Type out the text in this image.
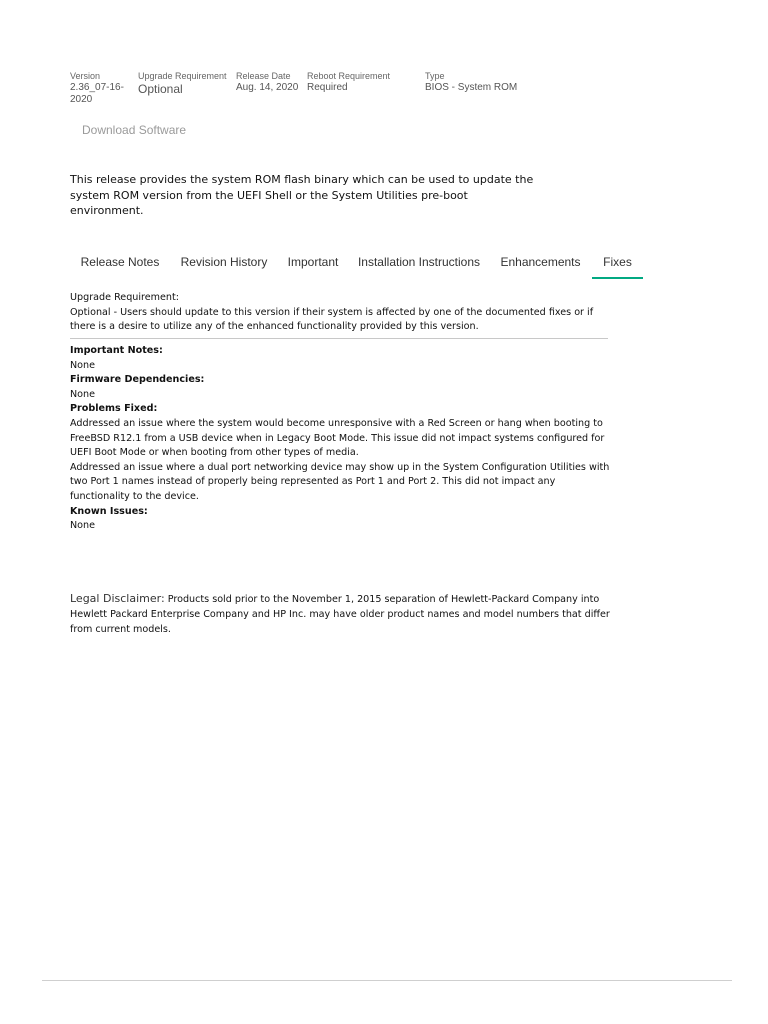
Version
2.36_07-16-
2020
Upgrade Requirement
Optional
Release Date
Aug. 14, 2020
Reboot Requirement
Required
Type
BIOS - System ROM
Download Software

This release provides the system ROM flash binary which can be used to update the system ROM version from the UEFI Shell or the System Utilities pre-boot environment.

Release Notes	Revision History	Important	Installation Instructions	Enhancements	Fixes

Upgrade Requirement:

Optional - Users should update to this version if their system is affected by one of the documented fixes or if there is a desire to utilize any of the enhanced functionality provided by this version.

Important Notes:

None

Firmware Dependencies:

None

Problems Fixed:

Addressed an issue where the system would become unresponsive with a Red Screen or hang when booting to FreeBSD R12.1 from a USB device when in Legacy Boot Mode. This issue did not impact systems configured for UEFI Boot Mode or when booting from other types of media.

Addressed an issue where a dual port networking device may show up in the System Configuration Utilities with two Port 1 names instead of properly being represented as Port 1 and Port 2. This did not impact any functionality to the device.

Known Issues:

None

Legal Disclaimer: Products sold prior to the November 1, 2015 separation of Hewlett-Packard Company into Hewlett Packard Enterprise Company and HP Inc. may have older product names and model numbers that differ from current models.
